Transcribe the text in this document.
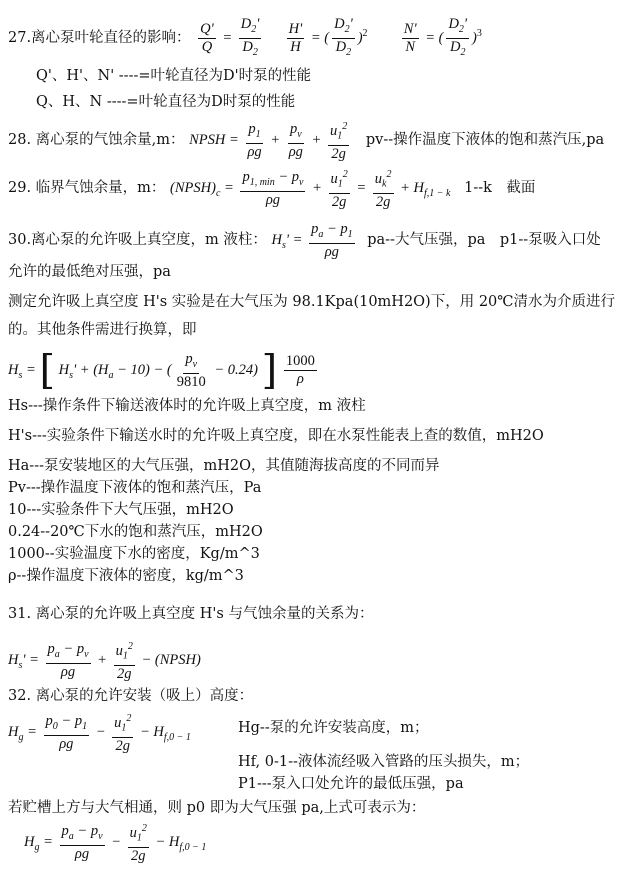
27.离心泵叶轮直径的影响： $\frac{Q'}{Q} = \frac{D_2'}{D_2}$
$\frac{H'}{H}$ = ( $\frac{D_2'}{D_2} )^2 \frac{N'}{N}$ = ( $\frac{D_2'}{D_2} )^3$
Q'、H'、N' ----=叶轮直径为D'时泵的性能
Q、H、N ----=叶轮直径为D时泵的性能
28. 离心泵的气蚀余量,m： NPSH = $\frac{p_1}{\rho g} + \frac{p_v}{\rho g} + \frac{u_1^2}{2g} pv--$操作温度下液体的饱和蒸汽压,pa
29. 临界气蚀余量，m： $(NPSH)_c = \frac{p_{1, min} - p_v}{\rho g} + \frac{u_1^2}{2g} = \frac{u_k^2}{2g} + H_{f,1 - k}$ 1--k　截面
30.离心泵的允许吸上真空度，m 液柱： $H_s' = \frac{p_a - p_1}{\rho g} pa--$大气压强，pa　p1--泵吸入口处
允许的最低绝对压强，pa
测定允许吸上真空度 H's 实验是在大气压为 98.1Kpa(10mH2O)下，用 20℃清水为介质进行
的。其他条件需进行换算，即
$H_s$ = [ $H_s' + (H_a - 10)$ − ( $\frac{p_v}{9810} - 0.24$) ] $\frac{1000}{\rho}$
Hs---操作条件下输送液体时的允许吸上真空度，m 液柱
H's---实验条件下输送水时的允许吸上真空度，即在水泵性能表上查的数值，mH2O
Ha---泵安装地区的大气压强，mH2O，其值随海拔高度的不同而异
Pv---操作温度下液体的饱和蒸汽压，Pa
10---实验条件下大气压强，mH2O
0.24--20℃下水的饱和蒸汽压，mH2O
1000--实验温度下水的密度，Kg/m^3
ρ--操作温度下液体的密度，kg/m^3
31. 离心泵的允许吸上真空度 H's 与气蚀余量的关系为：
$H_s' = \frac{p_a - p_v}{\rho g} + \frac{u_1^2}{2g}$ − (NPSH)
32. 离心泵的允许安装（吸上）高度：
$H_g = \frac{p_0 - p_1}{\rho g} - \frac{u_1^2}{2g} - H_{f,0 - 1}$
Hg--泵的允许安装高度，m；
Hf, 0-1--液体流经吸入管路的压头损失，m；
P1---泵入口处允许的最低压强，pa
若贮槽上方与大气相通，则 p0 即为大气压强 pa,上式可表示为：
$H_g = \frac{p_a - p_v}{\rho g} - \frac{u_1^2}{2g} - H_{f,0 - 1}$
